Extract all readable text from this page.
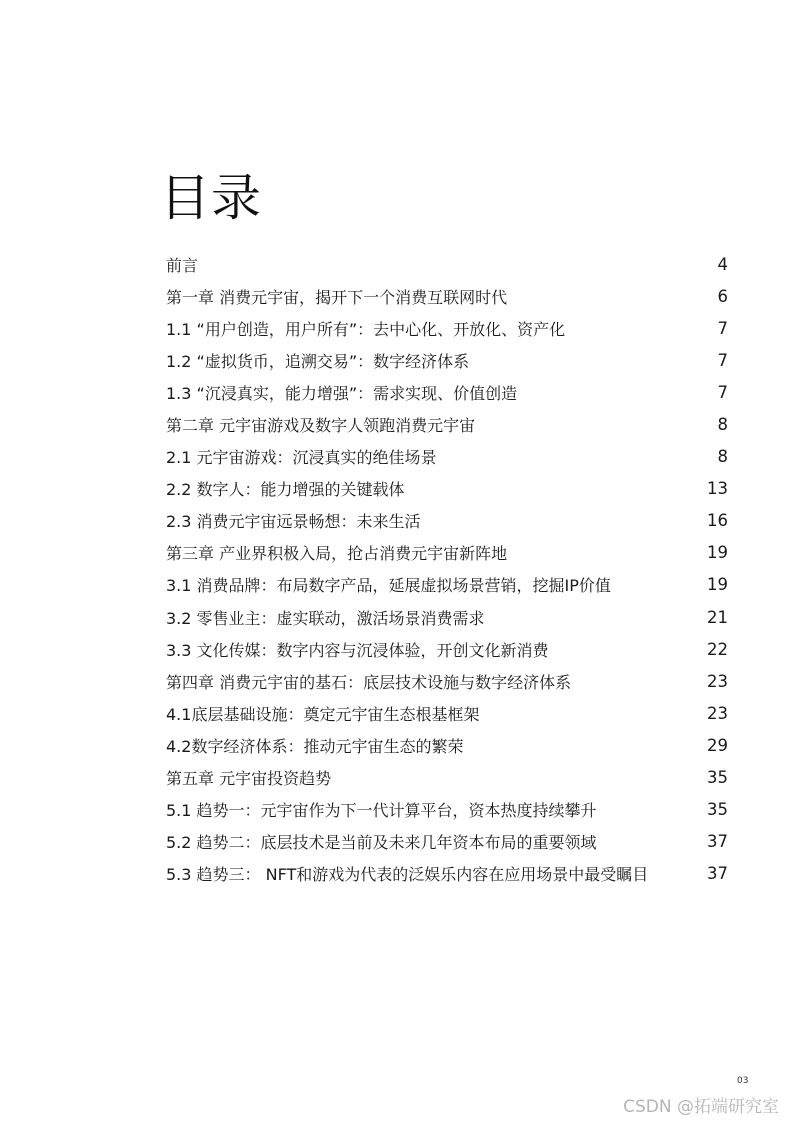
目录
前言	4
第一章 消费元宇宙，揭开下一个消费互联网时代	6
1.1 “用户创造，用户所有”：去中心化、开放化、资产化	7
1.2 “虚拟货币，追溯交易”：数字经济体系	7
1.3 “沉浸真实，能力增强”：需求实现、价值创造	7
第二章 元宇宙游戏及数字人领跑消费元宇宙	8
2.1 元宇宙游戏：沉浸真实的绝佳场景	8
2.2 数字人：能力增强的关键载体	13
2.3 消费元宇宙远景畅想：未来生活	16
第三章 产业界积极入局，抢占消费元宇宙新阵地	19
3.1 消费品牌：布局数字产品，延展虚拟场景营销，挖掘IP价值	19
3.2 零售业主：虚实联动，激活场景消费需求	21
3.3 文化传媒：数字内容与沉浸体验，开创文化新消费	22
第四章 消费元宇宙的基石：底层技术设施与数字经济体系	23
4.1底层基础设施：奠定元宇宙生态根基框架	23
4.2数字经济体系：推动元宇宙生态的繁荣	29
第五章 元宇宙投资趋势	35
5.1 趋势一：元宇宙作为下一代计算平台，资本热度持续攀升	35
5.2 趋势二：底层技术是当前及未来几年资本布局的重要领域	37
5.3 趋势三： NFT和游戏为代表的泛娱乐内容在应用场景中最受瞩目	37
03
CSDN @拓端研究室
